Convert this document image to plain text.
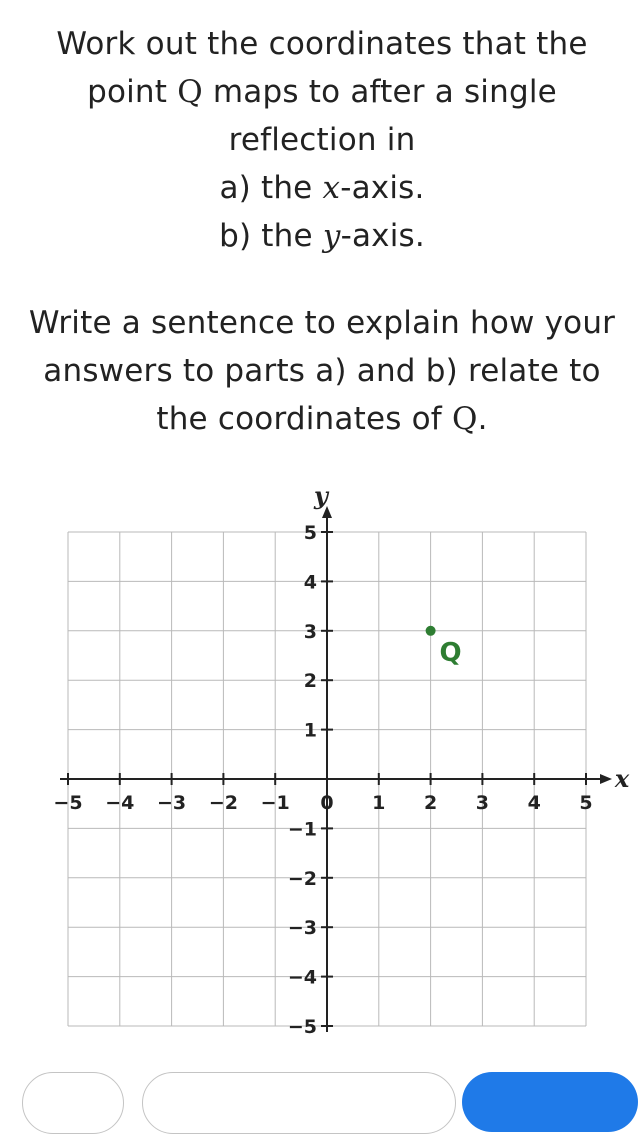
Work out the coordinates that the
point Q maps to after a single
reflection in
a) the x-axis.
b) the y-axis.
Write a sentence to explain how your
answers to parts a) and b) relate to
the coordinates of Q.
−5 −4 −3 −2 −1	1 2 3 4 5
5
4
3
2
1
−1
−2
−3
−4
−5
0
x
y
Q
